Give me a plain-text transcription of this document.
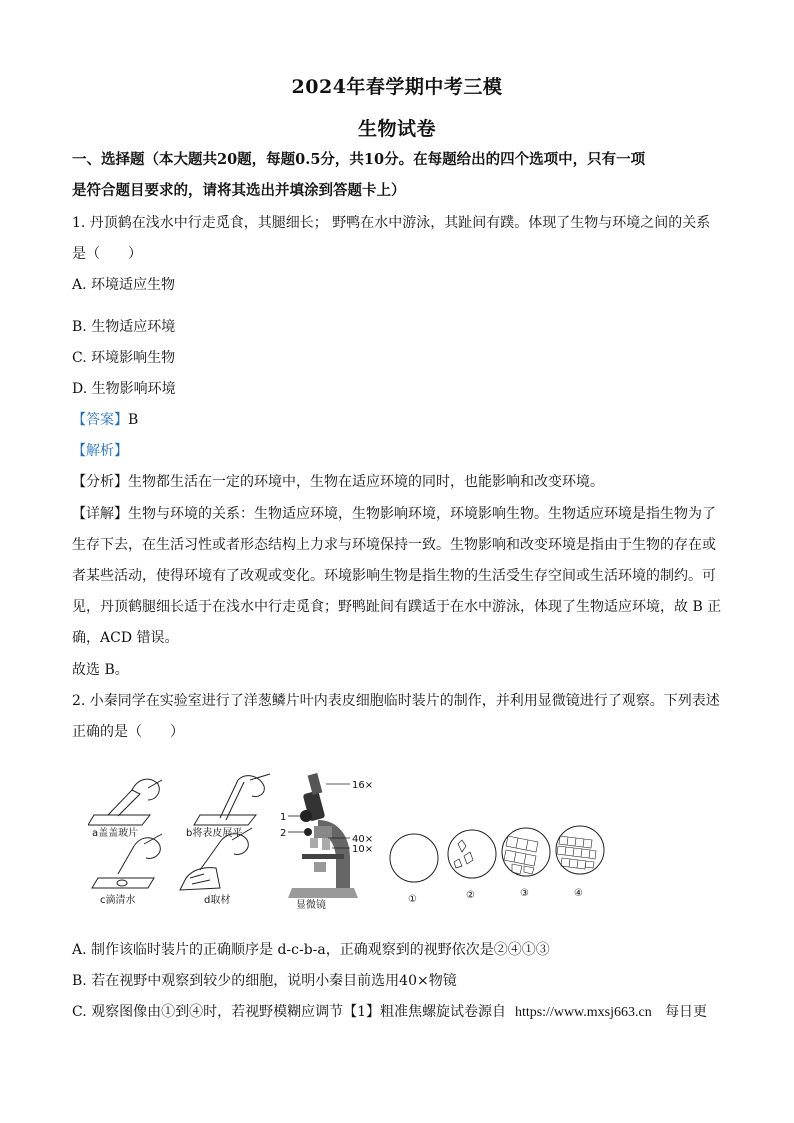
2024年春学期中考三模
生物试卷
一、选择题（本大题共20题，每题0.5分，共10分。在每题给出的四个选项中，只有一项
是符合题目要求的，请将其选出并填涂到答题卡上）
1. 丹顶鹤在浅水中行走觅食，其腿细长； 野鸭在水中游泳，其趾间有蹼。体现了生物与环境之间的关系
是（　　）
A. 环境适应生物
B. 生物适应环境
C. 环境影响生物
D. 生物影响环境
【答案】B
【解析】
【分析】生物都生活在一定的环境中，生物在适应环境的同时，也能影响和改变环境。
【详解】生物与环境的关系：生物适应环境，生物影响环境，环境影响生物。生物适应环境是指生物为了
生存下去，在生活习性或者形态结构上力求与环境保持一致。生物影响和改变环境是指由于生物的存在或
者某些活动，使得环境有了改观或变化。环境影响生物是指生物的生活受生存空间或生活环境的制约。可
见，丹顶鹤腿细长适于在浅水中行走觅食；野鸭趾间有蹼适于在水中游泳，体现了生物适应环境，故 B 正
确，ACD 错误。
故选 B。
2. 小秦同学在实验室进行了洋葱鳞片叶内表皮细胞临时装片的制作，并利用显微镜进行了观察。下列表述
正确的是（　　）
a盖盖玻片	b将表皮展平
c滴清水	d取材
16×
1
2
40×
10×
显微镜
①	②	③	④
A. 制作该临时装片的正确顺序是 d-c-b-a，正确观察到的视野依次是②④①③
B. 若在视野中观察到较少的细胞，说明小秦目前选用40×物镜
C. 观察图像由①到④时，若视野模糊应调节【1】粗准焦螺旋试卷源自 https://www.mxsj663.cn 每日更
